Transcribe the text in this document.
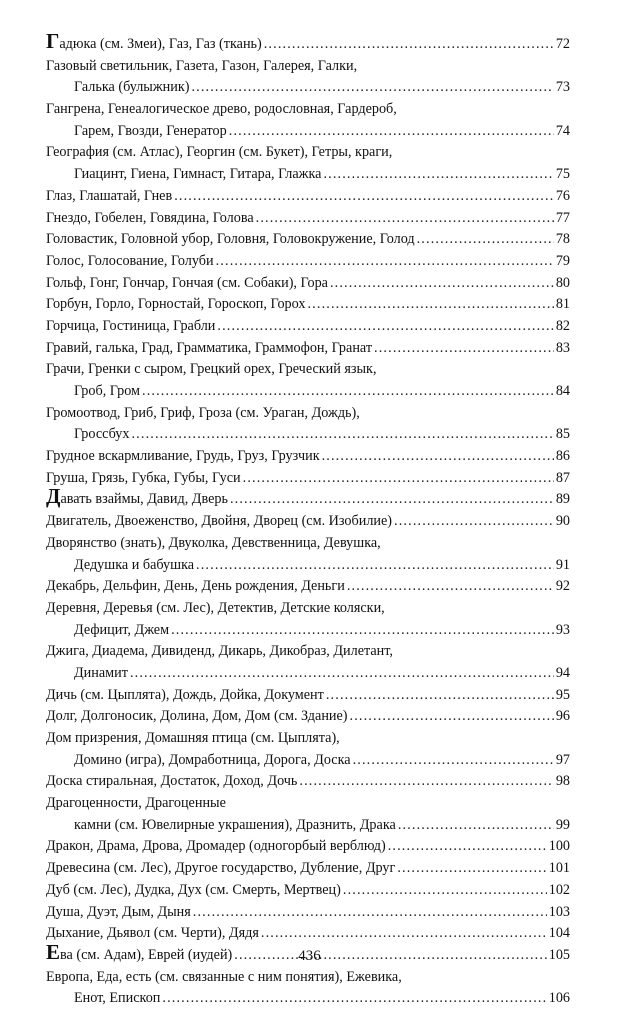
Гадюка (см. Змеи), Газ, Газ (ткань) . . .	72
Газовый светильник, Газета, Газон, Галерея, Галки,
Галька (булыжник) . . .	73
Гангрена, Генеалогическое древо, родословная, Гардероб,
Гарем, Гвозди, Генератор . . .	74
География (см. Атлас), Георгин (см. Букет), Гетры, краги,
Гиацинт, Гиена, Гимнаст, Гитара, Глажка . . .	75
Глаз, Глашатай, Гнев . . .	76
Гнездо, Гобелен, Говядина, Голова . . .	77
Головастик, Головной убор, Головня, Головокружение, Голод . . .	78
Голос, Голосование, Голуби . . .	79
Гольф, Гонг, Гончар, Гончая (см. Собаки), Гора . . .	80
Горбун, Горло, Горностай, Гороскоп, Горох . . .	81
Горчица, Гостиница, Грабли . . .	82
Гравий, галька, Град, Грамматика, Граммофон, Гранат . . .	83
Грачи, Гренки с сыром, Грецкий орех, Греческий язык,
Гроб, Гром . . .	84
Громоотвод, Гриб, Гриф, Гроза (см. Ураган, Дождь),
Гроссбух . . .	85
Грудное вскармливание, Грудь, Груз, Грузчик . . .	86
Груша, Грязь, Губка, Губы, Гуси . . .	87
Давать взаймы, Давид, Дверь . . .	89
Двигатель, Двоеженство, Двойня, Дворец (см. Изобилие) . . .	90
Дворянство (знать), Двуколка, Девственница, Девушка,
Дедушка и бабушка . . .	91
Декабрь, Дельфин, День, День рождения, Деньги . . .	92
Деревня, Деревья (см. Лес), Детектив, Детские коляски,
Дефицит, Джем . . .	93
Джига, Диадема, Дивиденд, Дикарь, Дикобраз, Дилетант,
Динамит . . .	94
Дичь (см. Цыплята), Дождь, Дойка, Документ . . .	95
Долг, Долгоносик, Долина, Дом, Дом (см. Здание) . . .	96
Дом призрения, Домашняя птица (см. Цыплята),
Домино (игра), Домработница, Дорога, Доска . . .	97
Доска стиральная, Достаток, Доход, Дочь . . .	98
Драгоценности, Драгоценные
камни (см. Ювелирные украшения), Дразнить, Драка . . .	99
Дракон, Драма, Дрова, Дромадер (одногорбый верблюд) . . .	100
Древесина (см. Лес), Другое государство, Дубление, Друг . . .	101
Дуб (см. Лес), Дудка, Дух (см. Смерть, Мертвец) . . .	102
Душа, Дуэт, Дым, Дыня . . .	103
Дыхание, Дьявол (см. Черти), Дядя . . .	104
Ева (см. Адам), Еврей (иудей) . . .	105
Европа, Еда, есть (см. связанные с ним понятия), Ежевика,
Енот, Епископ . . .	106
436
